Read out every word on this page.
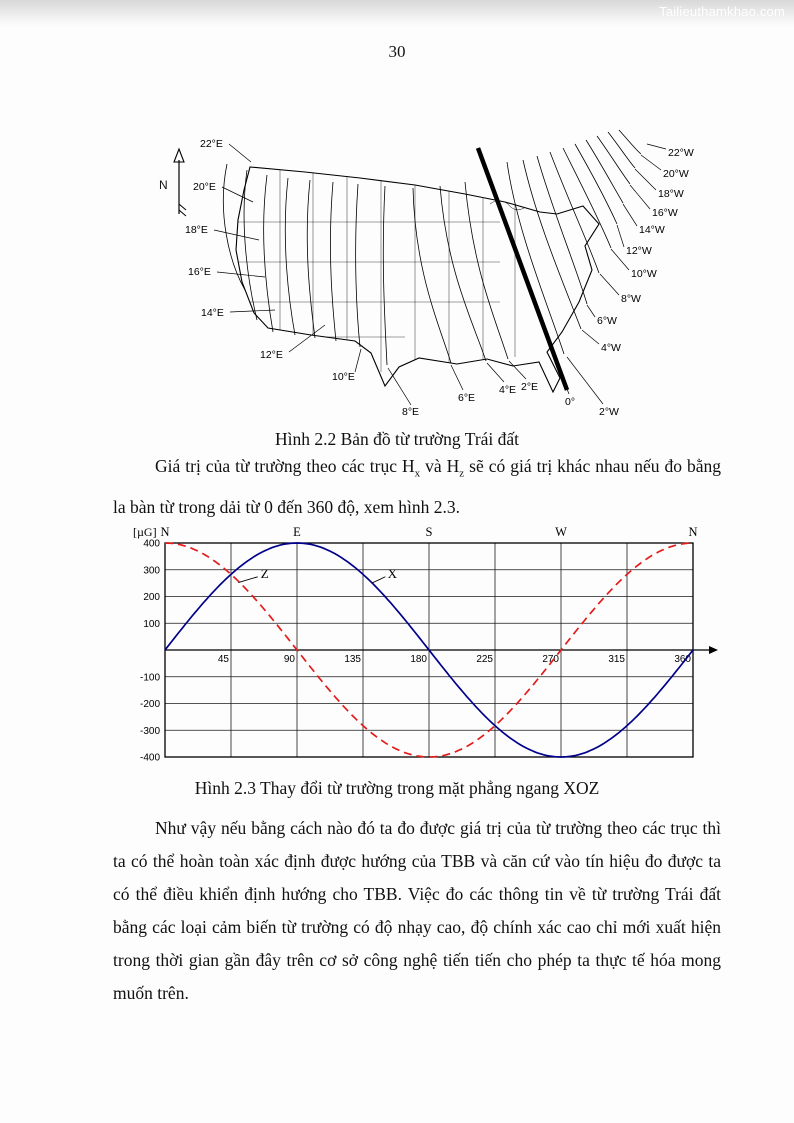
Tailieuthamkhao.com
30
22°E
20°E
18°E
16°E
14°E
12°E
10°E
8°E
6°E
4°E 2°E
0°
2°W
4°W
6°W
8°W
10°W
12°W
14°W
16°W
18°W
20°W
22°W
N
Hình 2.2 Bản đồ từ trường Trái đất

Giá trị của từ trường theo các trục $H_x$ và $H_z$ sẽ có giá trị khác nhau nếu đo bằng la bàn từ trong dải từ 0 đến 360 độ, xem hình 2.3.

400
300
200
100
-100
-200
-300
-400
45	90	135	180	225	270	315	360
N	E	S	W	N
[µG]
Z	X
Hình 2.3 Thay đổi từ trường trong mặt phẳng ngang XOZ

Như vậy nếu bằng cách nào đó ta đo được giá trị của từ trường theo các trục thì ta có thể hoàn toàn xác định được hướng của TBB và căn cứ vào tín hiệu đo được ta có thể điều khiển định hướng cho TBB. Việc đo các thông tin về từ trường Trái đất bằng các loại cảm biến từ trường có độ nhạy cao, độ chính xác cao chỉ mới xuất hiện trong thời gian gần đây trên cơ sở công nghệ tiến tiến cho phép ta thực tế hóa mong muốn trên.
